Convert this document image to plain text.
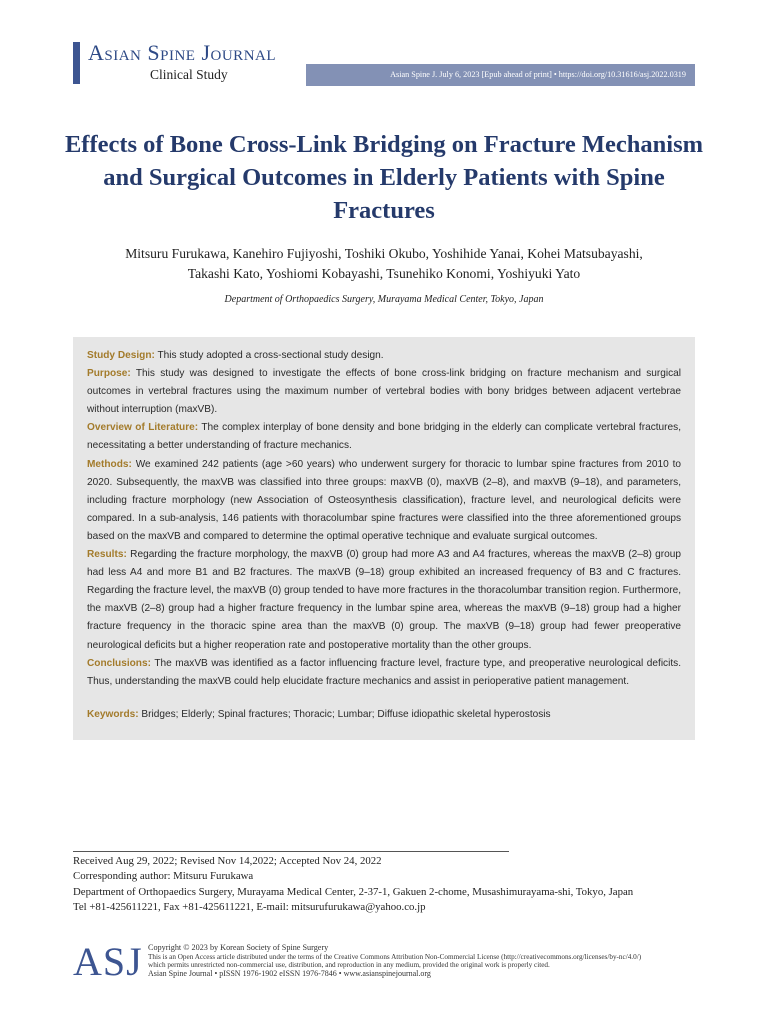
Asian Spine Journal
Clinical Study	Asian Spine J. July 6, 2023 [Epub ahead of print] • https://doi.org/10.31616/asj.2022.0319
Effects of Bone Cross-Link Bridging on Fracture Mechanism and Surgical Outcomes in Elderly Patients with Spine Fractures
Mitsuru Furukawa, Kanehiro Fujiyoshi, Toshiki Okubo, Yoshihide Yanai, Kohei Matsubayashi,
Takashi Kato, Yoshiomi Kobayashi, Tsunehiko Konomi, Yoshiyuki Yato
Department of Orthopaedics Surgery, Murayama Medical Center, Tokyo, Japan
Study Design: This study adopted a cross-sectional study design.
Purpose: This study was designed to investigate the effects of bone cross-link bridging on fracture mechanism and surgical outcomes in vertebral fractures using the maximum number of vertebral bodies with bony bridges between adjacent vertebrae without interruption (maxVB).
Overview of Literature: The complex interplay of bone density and bone bridging in the elderly can complicate vertebral fractures, necessitating a better understanding of fracture mechanics.
Methods: We examined 242 patients (age >60 years) who underwent surgery for thoracic to lumbar spine fractures from 2010 to 2020. Subsequently, the maxVB was classified into three groups: maxVB (0), maxVB (2–8), and maxVB (9–18), and parameters, including fracture morphology (new Association of Osteosynthesis classification), fracture level, and neurological deficits were compared. In a sub-analysis, 146 patients with thoracolumbar spine fractures were classified into the three aforementioned groups based on the maxVB and compared to determine the optimal operative technique and evaluate surgical outcomes.
Results: Regarding the fracture morphology, the maxVB (0) group had more A3 and A4 fractures, whereas the maxVB (2–8) group had less A4 and more B1 and B2 fractures. The maxVB (9–18) group exhibited an increased frequency of B3 and C fractures. Regarding the fracture level, the maxVB (0) group tended to have more fractures in the thoracolumbar transition region. Furthermore, the maxVB (2–8) group had a higher fracture frequency in the lumbar spine area, whereas the maxVB (9–18) group had a higher fracture frequency in the thoracic spine area than the maxVB (0) group. The maxVB (9–18) group had fewer preoperative neurological deficits but a higher reoperation rate and postoperative mortality than the other groups.
Conclusions: The maxVB was identified as a factor influencing fracture level, fracture type, and preoperative neurological deficits. Thus, understanding the maxVB could help elucidate fracture mechanics and assist in perioperative patient management.
Keywords: Bridges; Elderly; Spinal fractures; Thoracic; Lumbar; Diffuse idiopathic skeletal hyperostosis
Received Aug 29, 2022; Revised Nov 14,2022; Accepted Nov 24, 2022
Corresponding author: Mitsuru Furukawa
Department of Orthopaedics Surgery, Murayama Medical Center, 2-37-1, Gakuen 2-chome, Musashimurayama-shi, Tokyo, Japan
Tel +81-425611221, Fax +81-425611221, E-mail: mitsurufurukawa@yahoo.co.jp
ASJ Copyright © 2023 by Korean Society of Spine Surgery
This is an Open Access article distributed under the terms of the Creative Commons Attribution Non-Commercial License (http://creativecommons.org/licenses/by-nc/4.0/)
which permits unrestricted non-commercial use, distribution, and reproduction in any medium, provided the original work is properly cited.
Asian Spine Journal • pISSN 1976-1902 eISSN 1976-7846 • www.asianspinejournal.org
